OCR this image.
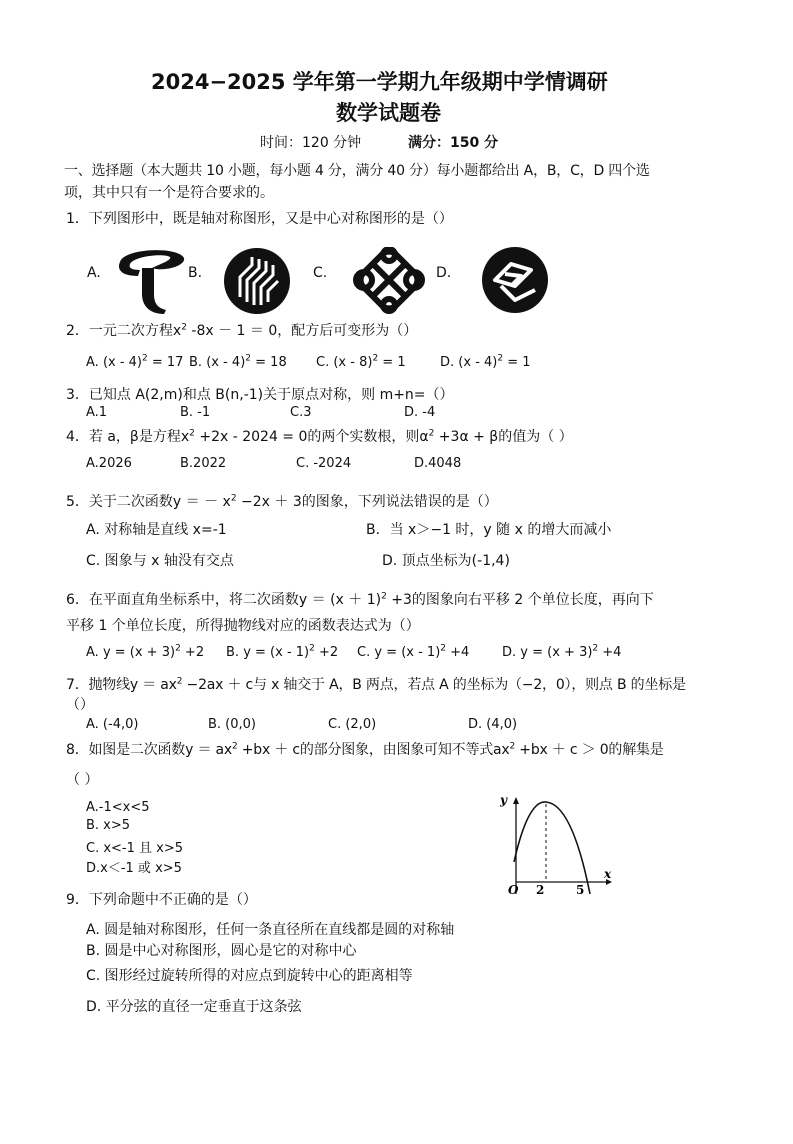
2024−2025 学年第一学期九年级期中学情调研
数学试题卷
时间：120 分钟	满分：150 分
一、选择题（本大题共 10 小题，每小题 4 分，满分 40 分）每小题都给出 A，B，C，D 四个选
项，其中只有一个是符合要求的。
1．下列图形中，既是轴对称图形，又是中心对称图形的是（）
A.	B.	C.	D.
2．一元二次方程$x^2$ -8x － 1 ＝ 0，配方后可变形为（）
A. (x - 4)$^2$ = 17 B. (x - 4)$^2$ = 18 C. (x - 8)$^2$ = 1	D. (x - 4)$^2$ = 1
3．已知点 A(2,m)和点 B(n,-1)关于原点对称，则 m+n=（）
A.1	B. -1	C.3	D. -4
4．若 a，β是方程$x^2 +2x - 2024 = 0$的两个实数根，则$\alpha^2 +3\alpha + \beta$的值为（ ）
A.2026	B.2022	C. -2024	D.4048
5．关于二次函数y ＝ － $x^2 -2x + 3$的图象，下列说法错误的是（）
A. 对称轴是直线 x=-1	B．当 x＞−1 时，y 随 x 的增大而减小
C. 图象与 x 轴没有交点	D. 顶点坐标为(-1,4)
6．在平面直角坐标系中，将二次函数$y = (x + 1)^2 +3$的图象向右平移 2 个单位长度，再向下
平移 1 个单位长度，所得抛物线对应的函数表达式为（）
A. $y = (x + 3)^2 +2$ B. y = (x - 1)$^2$ +2 C. y = (x - 1)$^2$ +4	D. $y = (x + 3)^2 +4$
7．抛物线$y = ax^2 -2ax + c$与 x 轴交于 A，B 两点，若点 A 的坐标为（−2，0），则点 B 的坐标是
（）
A. (-4,0)	B. (0,0)	C. (2,0)	D. (4,0)
8．如图是二次函数$y = ax^2 +bx + c$的部分图象，由图象可知不等式$ax^2 +bx + c > 0$的解集是
（ ）
A.-1<x<5
B. x>5
C. x<-1 且 x>5
D.x＜-1 或 x>5
y
x
O 2	5
9．下列命题中不正确的是（）
A. 圆是轴对称图形，任何一条直径所在直线都是圆的对称轴
B. 圆是中心对称图形，圆心是它的对称中心
C. 图形经过旋转所得的对应点到旋转中心的距离相等
D. 平分弦的直径一定垂直于这条弦
